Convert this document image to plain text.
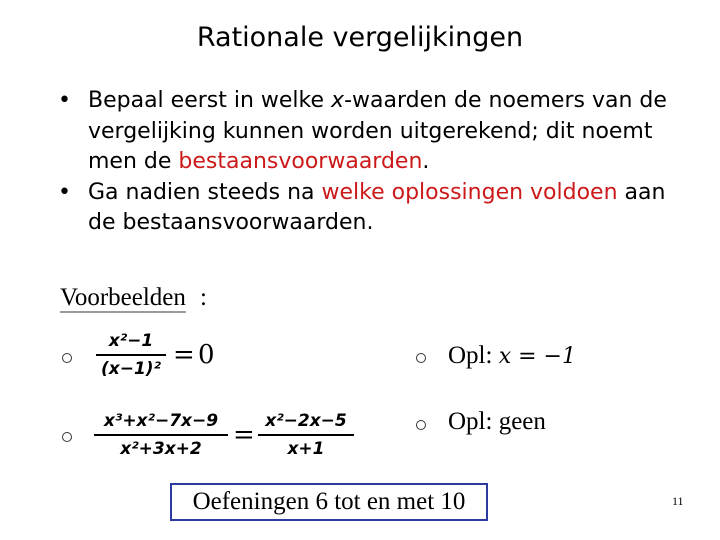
Rationale vergelijkingen
• Bepaal eerst in welke x-waarden de noemers van de vergelijking kunnen worden uitgerekend; dit noemt men de bestaansvoorwaarden.
• Ga nadien steeds na welke oplossingen voldoen aan de bestaansvoorwaarden.
Voorbeelden :
x²−1
(x−1)² = 0	Opl: x = −1
x³+x²−7x−9
x²+3x+2	= x²−2x−5
x+1
Opl: geen
Oefeningen 6 tot en met 10	11
